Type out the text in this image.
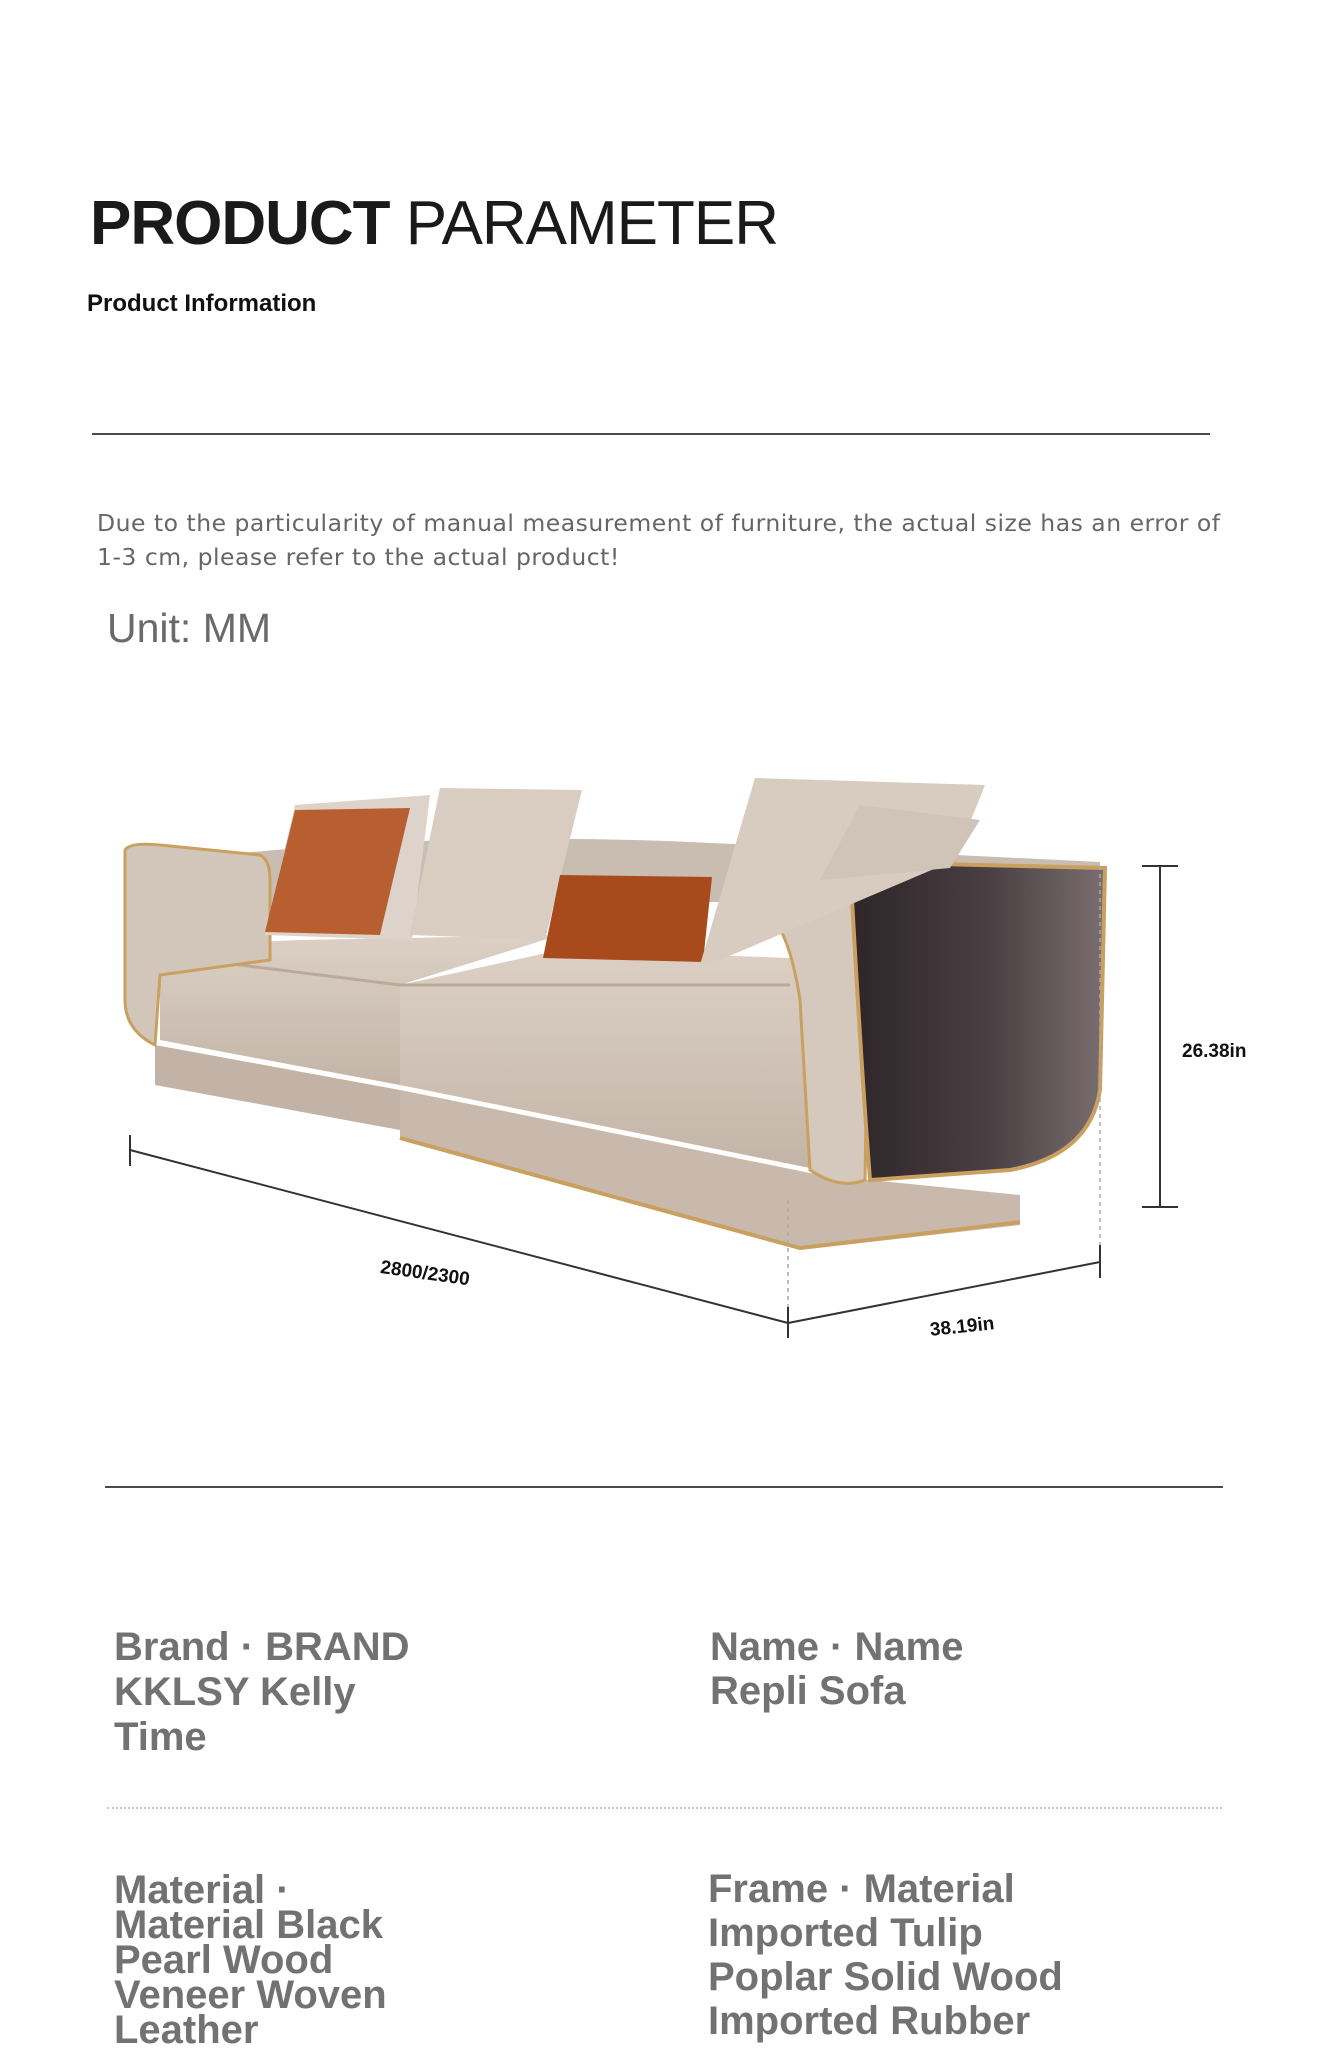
PRODUCT PARAMETER
Product Information
Due to the particularity of manual measurement of furniture, the actual size has an error of 1-3 cm, please refer to the actual product!
Unit: MM
26.38in
2800/2300
38.19in
Brand · BRAND KKLSY Kelly Time
Name · Name Repli Sofa
Material · Material Black Pearl Wood Veneer Woven Leather
Frame · Material Imported Tulip Poplar Solid Wood Imported Rubber
